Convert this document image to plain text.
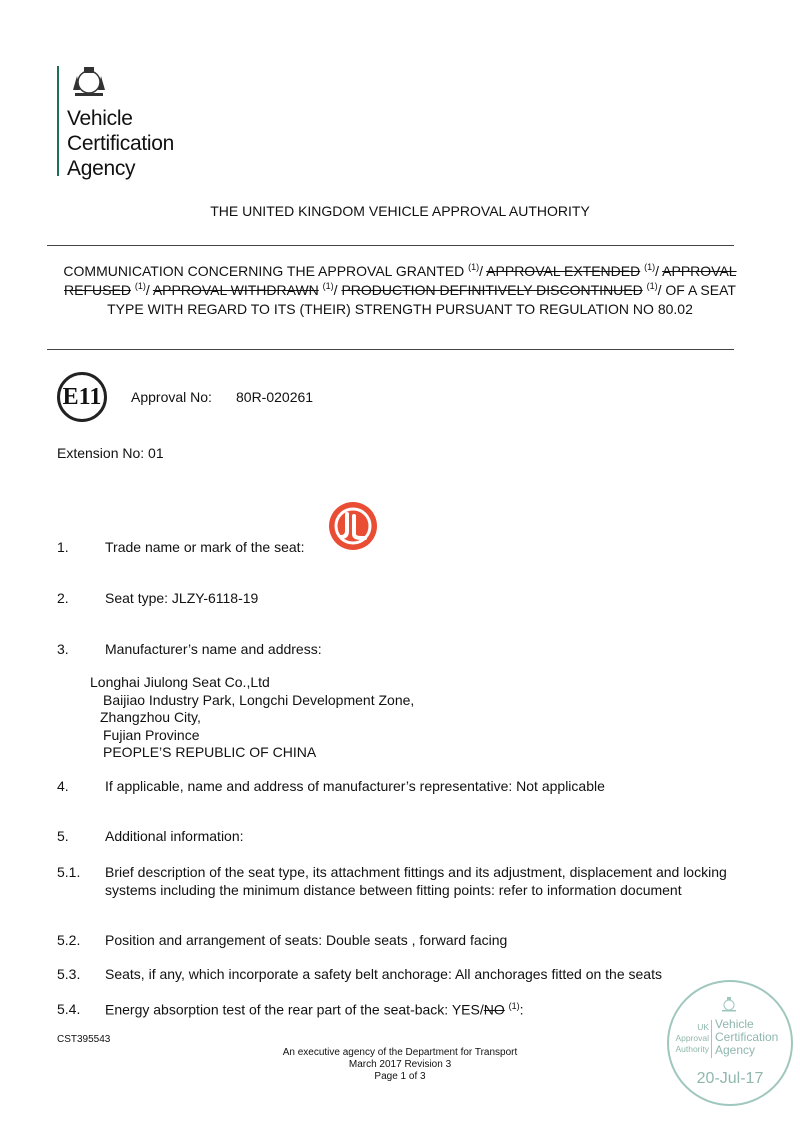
Vehicle
Certification
Agency
THE UNITED KINGDOM VEHICLE APPROVAL AUTHORITY
COMMUNICATION CONCERNING THE APPROVAL GRANTED $^{(1)}$/ APPROVAL EXTENDED $^{(1)}$/ APPROVAL REFUSED $^{(1)}$/ APPROVAL WITHDRAWN $^{(1)}$/ PRODUCTION DEFINITIVELY DISCONTINUED $^{(1)}$/ OF A SEAT TYPE WITH REGARD TO ITS (THEIR) STRENGTH PURSUANT TO REGULATION NO 80.02
E11	Approval No: 80R-020261
Extension No: 01
1.	Trade name or mark of the seat:
2.	Seat type: JLZY-6118-19
3.	Manufacturer’s name and address:
Longhai Jiulong Seat Co.,Ltd
Baijiao Industry Park, Longchi Development Zone,
Zhangzhou City,
Fujian Province
PEOPLE’S REPUBLIC OF CHINA
4.	If applicable, name and address of manufacturer’s representative: Not applicable
5.	Additional information:
5.1. Brief description of the seat type, its attachment fittings and its adjustment, displacement and locking systems including the minimum distance between fitting points: refer to information document
5.2. Position and arrangement of seats: Double seats , forward facing
5.3. Seats, if any, which incorporate a safety belt anchorage: All anchorages fitted on the seats
5.4. Energy absorption test of the rear part of the seat-back: YES/NO $^{(1)}$:
CST395543
An executive agency of the Department for Transport
March 2017 Revision 3
Page 1 of 3
UK
Approval
Authority
Vehicle
Certification
Agency
20-Jul-17
